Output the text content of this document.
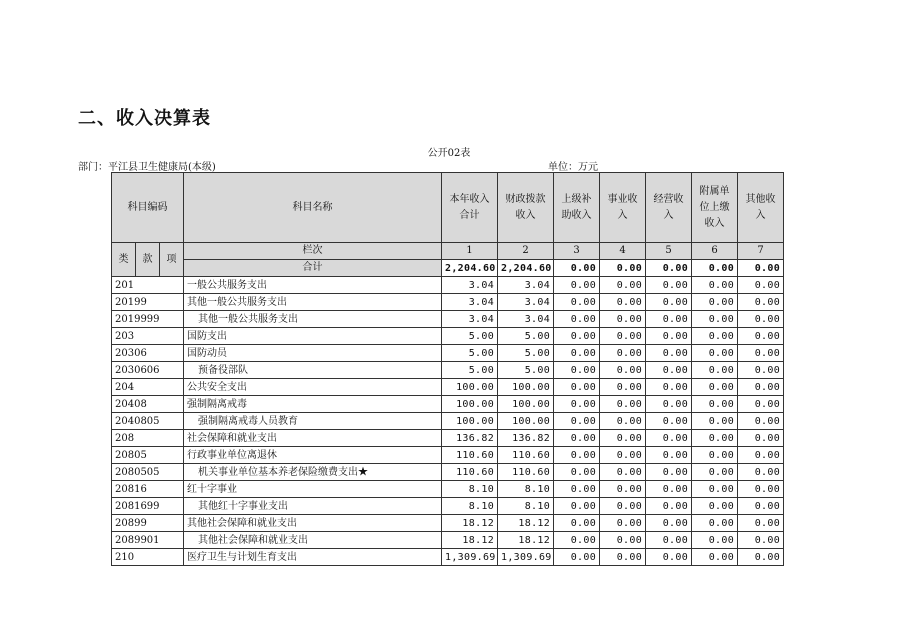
二、收入决算表
公开02表
部门：平江县卫生健康局(本级)	单位：万元
科目编码			科目名称	本年收入合计	财政拨款收入	上级补助收入	事业收入	经营收入	附属单位上缴收入	其他收入
类	款	项	栏次	1	2	3	4	5	6	7
			合计	2,204.60	2,204.60	0.00	0.00	0.00	0.00	0.00
201			一般公共服务支出	3.04	3.04	0.00	0.00	0.00	0.00	0.00
20199			其他一般公共服务支出	3.04	3.04	0.00	0.00	0.00	0.00	0.00
2019999			其他一般公共服务支出	3.04	3.04	0.00	0.00	0.00	0.00	0.00
203			国防支出	5.00	5.00	0.00	0.00	0.00	0.00	0.00
20306			国防动员	5.00	5.00	0.00	0.00	0.00	0.00	0.00
2030606			预备役部队	5.00	5.00	0.00	0.00	0.00	0.00	0.00
204			公共安全支出	100.00	100.00	0.00	0.00	0.00	0.00	0.00
20408			强制隔离戒毒	100.00	100.00	0.00	0.00	0.00	0.00	0.00
2040805			强制隔离戒毒人员教育	100.00	100.00	0.00	0.00	0.00	0.00	0.00
208			社会保障和就业支出	136.82	136.82	0.00	0.00	0.00	0.00	0.00
20805			行政事业单位离退休	110.60	110.60	0.00	0.00	0.00	0.00	0.00
2080505			机关事业单位基本养老保险缴费支出★	110.60	110.60	0.00	0.00	0.00	0.00	0.00
20816			红十字事业	8.10	8.10	0.00	0.00	0.00	0.00	0.00
2081699			其他红十字事业支出	8.10	8.10	0.00	0.00	0.00	0.00	0.00
20899			其他社会保障和就业支出	18.12	18.12	0.00	0.00	0.00	0.00	0.00
2089901			其他社会保障和就业支出	18.12	18.12	0.00	0.00	0.00	0.00	0.00
210			医疗卫生与计划生育支出	1,309.69	1,309.69	0.00	0.00	0.00	0.00	0.00
